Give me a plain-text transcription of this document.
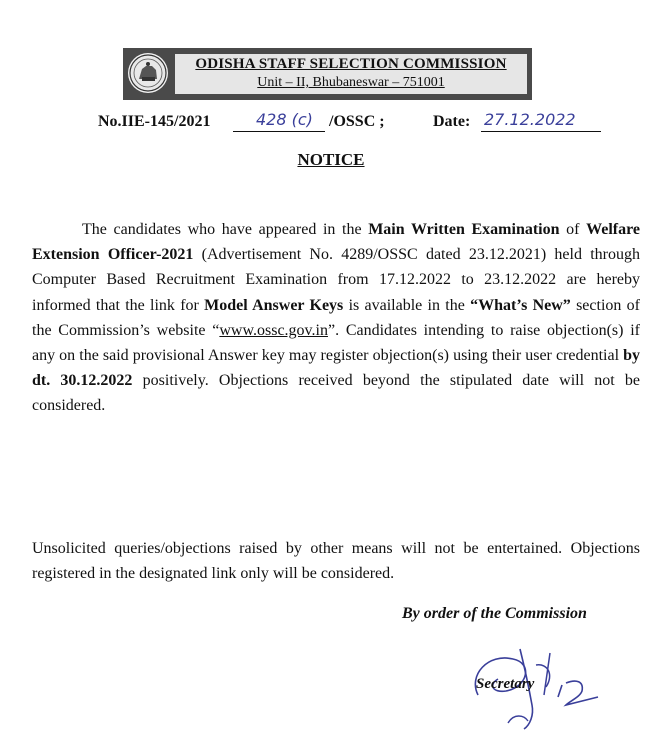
ODISHA STAFF SELECTION COMMISSION
Unit – II, Bhubaneswar – 751001
No.IIE-145/2021	428 (c) /OSSC ;	Date: 27.12.2022
NOTICE

The candidates who have appeared in the Main Written Examination of Welfare Extension Officer-2021 (Advertisement No. 4289/OSSC dated 23.12.2021) held through Computer Based Recruitment Examination from 17.12.2022 to 23.12.2022 are hereby informed that the link for Model Answer Keys is available in the “What’s New” section of the Commission’s website “www.ossc.gov.in”. Candidates intending to raise objection(s) if any on the said provisional Answer key may register objection(s) using their user credential by dt. 30.12.2022 positively. Objections received beyond the stipulated date will not be considered.

Unsolicited queries/objections raised by other means will not be entertained. Objections registered in the designated link only will be considered.

By order of the Commission
Secretary
